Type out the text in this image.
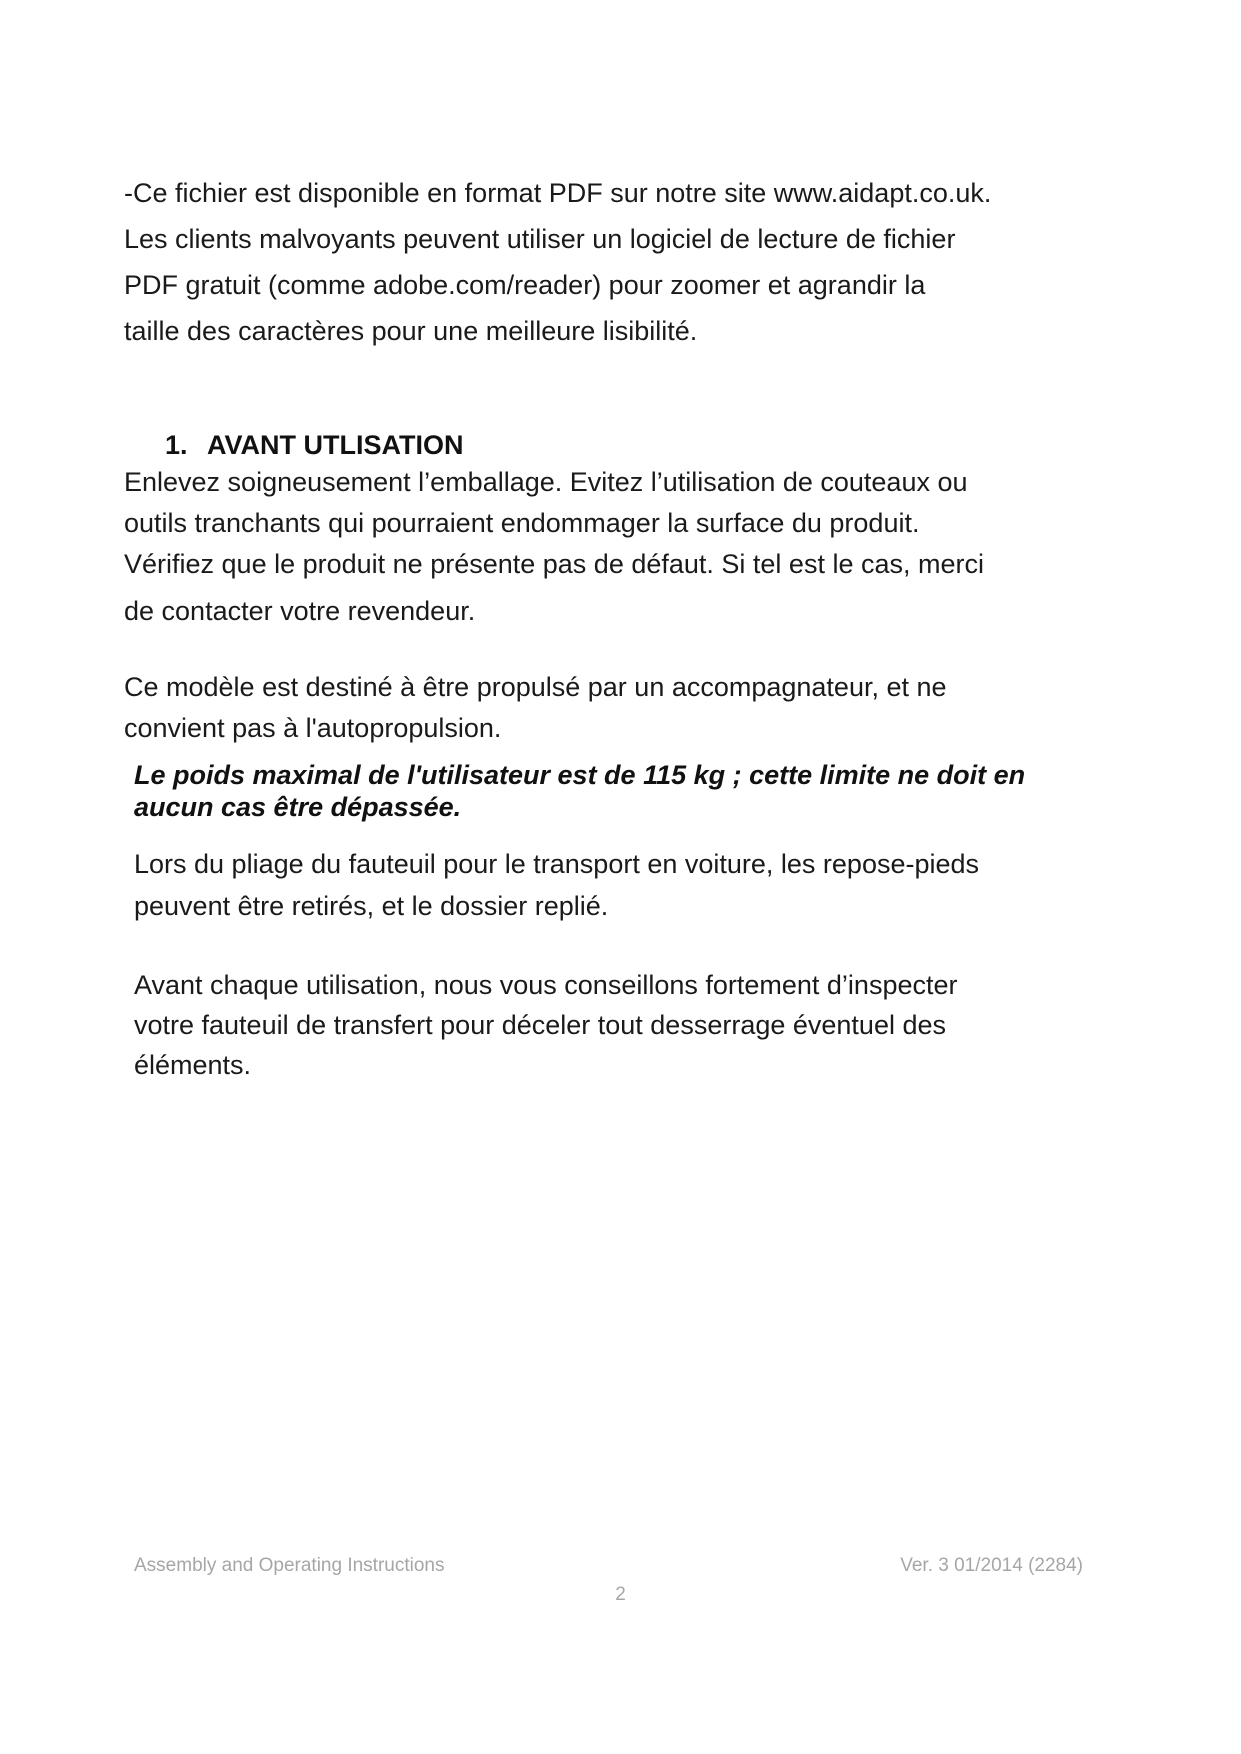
-Ce fichier est disponible en format PDF sur notre site www.aidapt.co.uk.
Les clients malvoyants peuvent utiliser un logiciel de lecture de fichier
PDF gratuit (comme adobe.com/reader) pour zoomer et agrandir la
taille des caractères pour une meilleure lisibilité.

1. AVANT UTLISATION

Enlevez soigneusement l’emballage. Evitez l’utilisation de couteaux ou
outils tranchants qui pourraient endommager la surface du produit.
Vérifiez que le produit ne présente pas de défaut. Si tel est le cas, merci
de contacter votre revendeur.

Ce modèle est destiné à être propulsé par un accompagnateur, et ne
convient pas à l'autopropulsion.

Le poids maximal de l'utilisateur est de 115 kg ; cette limite ne doit en
aucun cas être dépassée.

Lors du pliage du fauteuil pour le transport en voiture, les repose-pieds
peuvent être retirés, et le dossier replié.

Avant chaque utilisation, nous vous conseillons fortement d’inspecter
votre fauteuil de transfert pour déceler tout desserrage éventuel des
éléments.

Assembly and Operating Instructions	Ver. 3 01/2014 (2284)
2
